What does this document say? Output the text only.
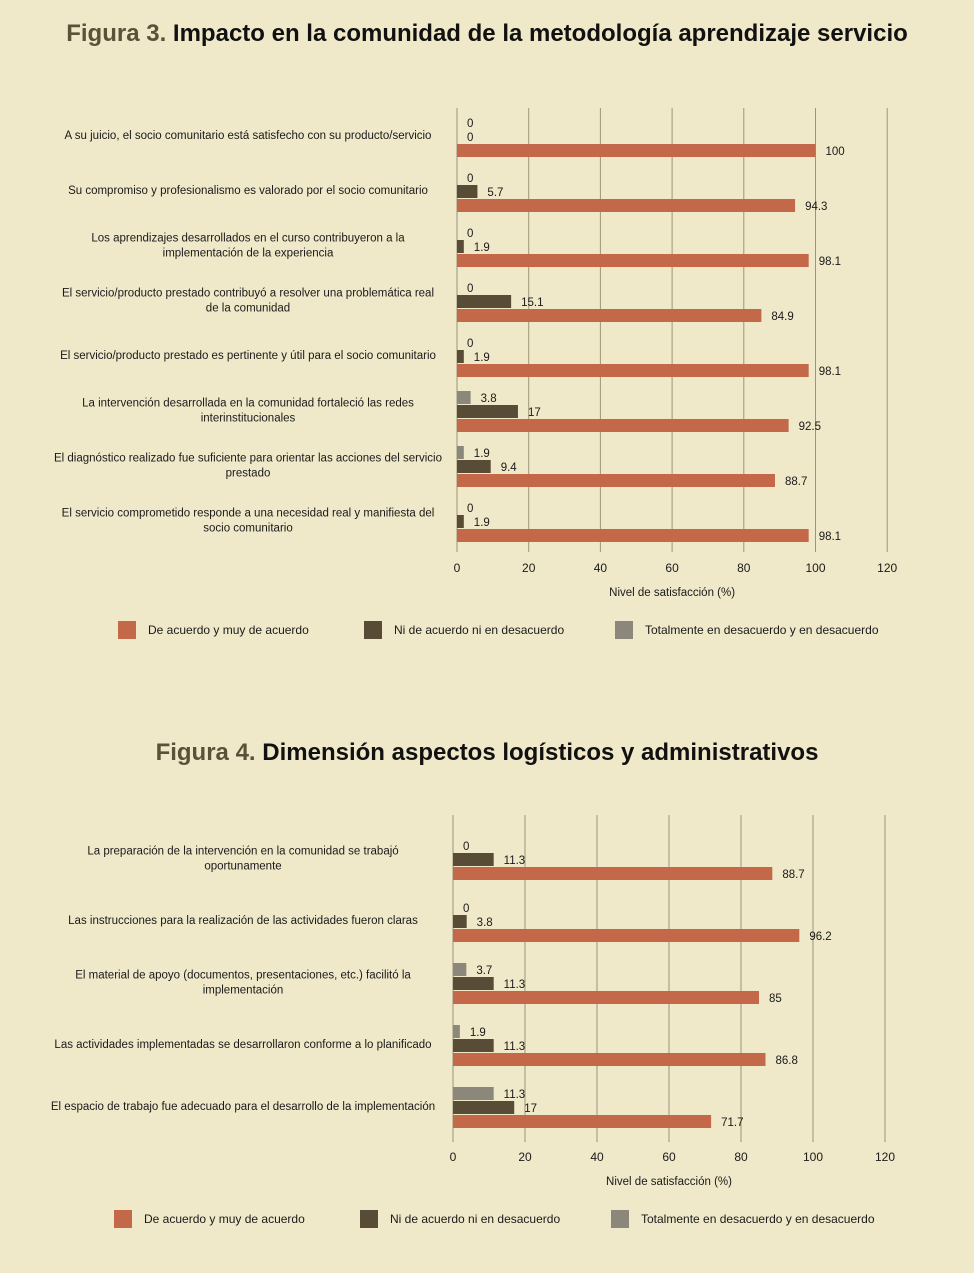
Figura 3. Impacto en la comunidad de la metodología aprendizaje servicio
0	20	40	60	80	100	120
Nivel de satisfacción (%)
A su juicio, el socio comunitario está satisfecho con su producto/servicio
0
0
100
Su compromiso y profesionalismo es valorado por el socio comunitario
0
5.7
94.3
Los aprendizajes desarrollados en el curso contribuyeron a la
implementación de la experiencia
0
1.9
98.1
El servicio/producto prestado contribuyó a resolver una problemática real
de la comunidad
0
15.1
84.9
El servicio/producto prestado es pertinente y útil para el socio comunitario
0
1.9
98.1
La intervención desarrollada en la comunidad fortaleció las redes
interinstitucionales
3.8
17
92.5
El diagnóstico realizado fue suficiente para orientar las acciones del servicio
prestado
1.9
9.4
88.7
El servicio comprometido responde a una necesidad real y manifiesta del
socio comunitario
0
1.9
98.1
De acuerdo y muy de acuerdo	Ni de acuerdo ni en desacuerdo	Totalmente en desacuerdo y en desacuerdo
Figura 4. Dimensión aspectos logísticos y administrativos
0	20	40	60	80	100	120
Nivel de satisfacción (%)
La preparación de la intervención en la comunidad se trabajó
oportunamente
0
11.3
88.7
Las instrucciones para la realización de las actividades fueron claras
0
3.8
96.2
El material de apoyo (documentos, presentaciones, etc.) facilitó la
implementación
3.7
11.3
85
Las actividades implementadas se desarrollaron conforme a lo planificado
1.9
11.3
86.8
El espacio de trabajo fue adecuado para el desarrollo de la implementación
11.3
17
71.7
De acuerdo y muy de acuerdo	Ni de acuerdo ni en desacuerdo	Totalmente en desacuerdo y en desacuerdo
